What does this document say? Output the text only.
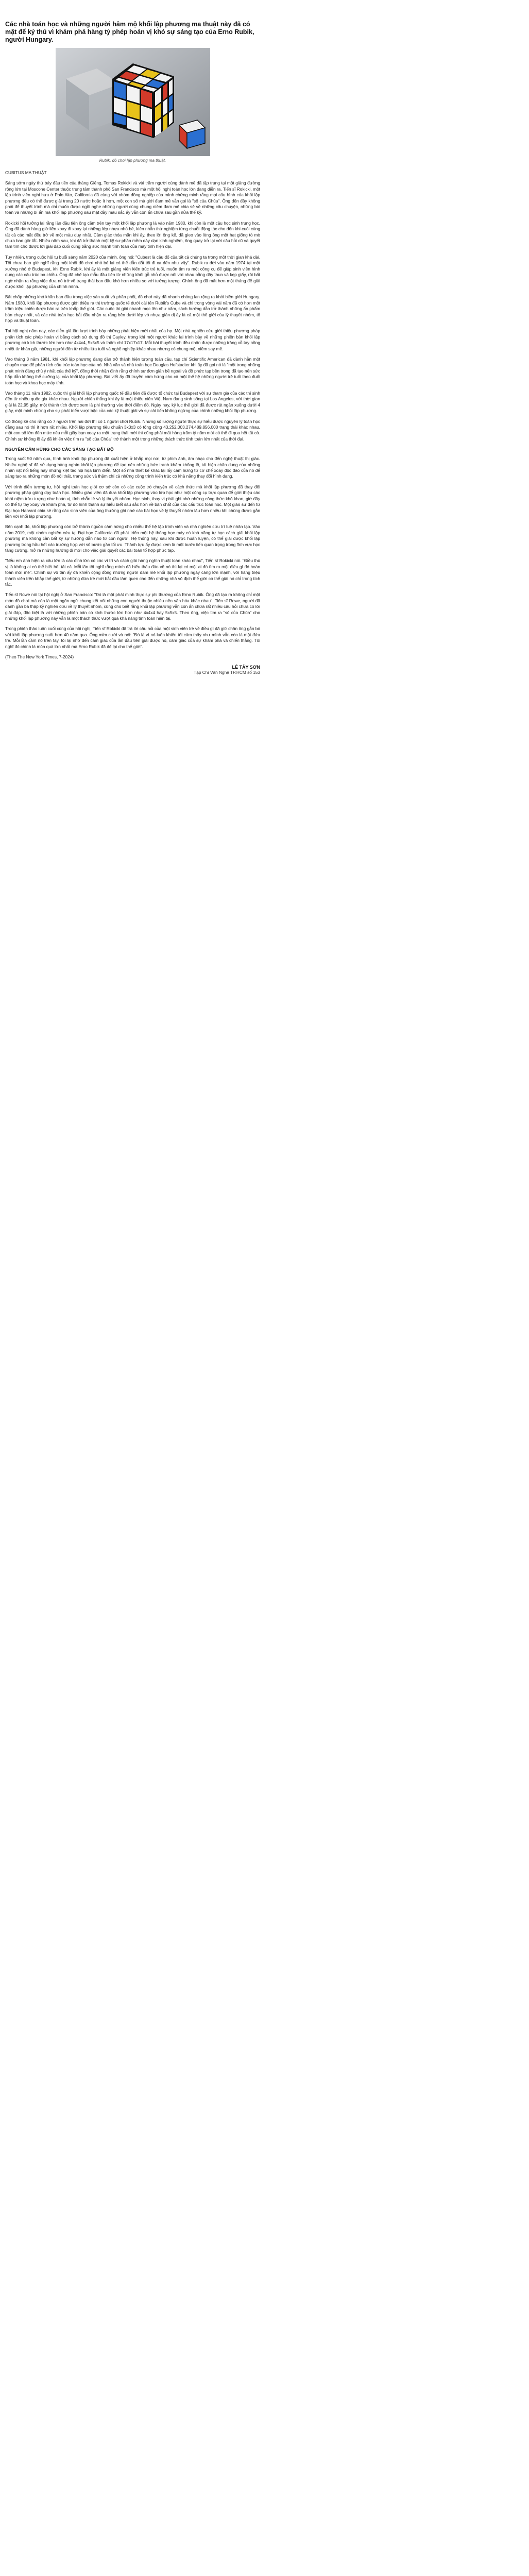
Các nhà toán học và những người hâm mộ khối lập phương ma thuật này đã có mặt để kỷ thú vì khám phá hàng tỷ phép hoán vị khó sự sáng tạo của Erno Rubik, người Hungary.
Rubik, đồ chơi lập phương ma thuật.

CUBITUS MA THUẬT

Sáng sớm ngày thứ bảy đầu tiên của tháng Giêng, Tomas Rokicki và vài trăm người cùng dành mê đã tập trung tại một giảng đường rộng lớn tại Moscone Center thuộc trung tâm thành phố San Francisco mà một hội nghị toán học lớn đang diễn ra. Tiến sĩ Rokicki, một lập trình viên nghỉ hưu ở Palo Alto, California đã cùng với nhóm đồng nghiệp của mình chứng minh rằng mọi cấu hình của khối lập phương đều có thể được giải trong 20 nước hoặc ít hơn, một con số mà giới đam mê vẫn gọi là "số của Chúa". Ông đến đây không phải để thuyết trình mà chỉ muốn được ngồi nghe những người cùng chung niềm đam mê chia sẻ về những câu chuyện, những bài toán và những bí ẩn mà khối lập phương sáu mặt đầy màu sắc ấy vẫn còn ẩn chứa sau gần nửa thế kỷ.

Rokicki hồi tưởng lại rằng lần đầu tiên ông cầm trên tay một khối lập phương là vào năm 1980, khi còn là một cậu học sinh trung học. Ông đã dành hàng giờ liền xoay đi xoay lại những lớp nhựa nhỏ bé, kiên nhẫn thử nghiệm từng chuỗi động tác cho đến khi cuối cùng tất cả các mặt đều trở về một màu duy nhất. Cảm giác thỏa mãn khi ấy, theo lời ông kể, đã gieo vào lòng ông một hạt giống tò mò chưa bao giờ tắt. Nhiều năm sau, khi đã trở thành một kỹ sư phần mềm dày dạn kinh nghiệm, ông quay trở lại với câu hỏi cũ và quyết tâm tìm cho được lời giải đáp cuối cùng bằng sức mạnh tính toán của máy tính hiện đại.

Tuy nhiên, trong cuộc hội tụ buổi sáng năm 2020 của mình, ông nói: "Cubest là câu đố của tất cả chúng ta trong một thời gian khá dài. Tôi chưa bao giờ nghĩ rằng một khối đồ chơi nhỏ bé lại có thể dẫn dắt tôi đi xa đến như vậy". Rubik ra đời vào năm 1974 tại một xưởng nhỏ ở Budapest, khi Erno Rubik, khi ấy là một giảng viên kiến trúc trẻ tuổi, muốn tìm ra một công cụ để giúp sinh viên hình dung các cấu trúc ba chiều. Ông đã chế tạo mẫu đầu tiên từ những khối gỗ nhỏ được nối với nhau bằng dây thun và kẹp giấy, rồi bất ngờ nhận ra rằng việc đưa nó trở về trạng thái ban đầu khó hơn nhiều so với tưởng tượng. Chính ông đã mất hơn một tháng để giải được khối lập phương của chính mình.

Bất chấp những khó khăn ban đầu trong việc sản xuất và phân phối, đồ chơi này đã nhanh chóng lan rộng ra khỏi biên giới Hungary. Năm 1980, khối lập phương được giới thiệu ra thị trường quốc tế dưới cái tên Rubik's Cube và chỉ trong vòng vài năm đã có hơn một trăm triệu chiếc được bán ra trên khắp thế giới. Các cuộc thi giải nhanh mọc lên như nấm, sách hướng dẫn trở thành những ấn phẩm bán chạy nhất, và các nhà toán học bắt đầu nhận ra rằng bên dưới lớp vỏ nhựa giản dị ấy là cả một thế giới của lý thuyết nhóm, tổ hợp và thuật toán.

Tại hội nghị năm nay, các diễn giả lần lượt trình bày những phát hiện mới nhất của họ. Một nhà nghiên cứu giới thiệu phương pháp phân tích các phép hoán vị bằng cách sử dụng đồ thị Cayley, trong khi một người khác lại trình bày về những phiên bản khối lập phương có kích thước lớn hơn như 4x4x4, 5x5x5 và thậm chí 17x17x17. Mỗi bài thuyết trình đều nhận được những tràng vỗ tay nồng nhiệt từ khán giả, những người đến từ nhiều lứa tuổi và nghề nghiệp khác nhau nhưng có chung một niềm say mê.

Vào tháng 3 năm 1981, khi khối lập phương đang dần trở thành hiện tượng toàn cầu, tạp chí Scientific American đã dành hẳn một chuyên mục để phân tích cấu trúc toán học của nó. Nhà văn và nhà toán học Douglas Hofstadter khi ấy đã gọi nó là "một trong những phát minh đáng chú ý nhất của thế kỷ", đồng thời nhận định rằng chính sự đơn giản bề ngoài và độ phức tạp bên trong đã tạo nên sức hấp dẫn không thể cưỡng lại của khối lập phương. Bài viết ấy đã truyền cảm hứng cho cả một thế hệ những người trẻ tuổi theo đuổi toán học và khoa học máy tính.

Vào tháng 11 năm 1982, cuộc thi giải khối lập phương quốc tế đầu tiên đã được tổ chức tại Budapest với sự tham gia của các thí sinh đến từ nhiều quốc gia khác nhau. Người chiến thắng khi ấy là một thiếu niên Việt Nam đang sinh sống tại Los Angeles, với thời gian giải là 22,95 giây, một thành tích được xem là phi thường vào thời điểm đó. Ngày nay, kỷ lục thế giới đã được rút ngắn xuống dưới 4 giây, một minh chứng cho sự phát triển vượt bậc của các kỹ thuật giải và sự cải tiến không ngừng của chính những khối lập phương.

Có thông kê cho rằng có 7 người trên hai đời thì có 1 người chơi Rubik. Nhưng số lượng người thực sự hiểu được nguyên lý toán học đằng sau nó thì ít hơn rất nhiều. Khối lập phương tiêu chuẩn 3x3x3 có tổng cộng 43.252.003.274.489.856.000 trạng thái khác nhau, một con số lớn đến mức nếu mỗi giây bạn xoay ra một trạng thái mới thì cũng phải mất hàng trăm tỷ năm mới có thể đi qua hết tất cả. Chính sự khổng lồ ấy đã khiến việc tìm ra "số của Chúa" trở thành một trong những thách thức tính toán lớn nhất của thời đại.

NGUYÊN CẢM HỨNG CHO CÁC SÁNG TẠO BẤT ĐỘ

Trong suốt 50 năm qua, hình ảnh khối lập phương đã xuất hiện ở khắp mọi nơi, từ phim ảnh, âm nhạc cho đến nghệ thuật thị giác. Nhiều nghệ sĩ đã sử dụng hàng nghìn khối lập phương để tạo nên những bức tranh khảm khổng lồ, tái hiện chân dung của những nhân vật nổi tiếng hay những kiệt tác hội họa kinh điển. Một số nhà thiết kế khác lại lấy cảm hứng từ cơ chế xoay độc đáo của nó để sáng tạo ra những món đồ nội thất, trang sức và thậm chí cả những công trình kiến trúc có khả năng thay đổi hình dạng.

Với trình diễn tương tự, hội nghị toán học giới cơ sở còn có các cuộc trò chuyện về cách thức mà khối lập phương đã thay đổi phương pháp giảng dạy toán học. Nhiều giáo viên đã đưa khối lập phương vào lớp học như một công cụ trực quan để giới thiệu các khái niệm trừu tượng như hoán vị, tính chẵn lẻ và lý thuyết nhóm. Học sinh, thay vì phải ghi nhớ những công thức khô khan, giờ đây có thể tự tay xoay và khám phá, từ đó hình thành sự hiểu biết sâu sắc hơn về bản chất của các cấu trúc toán học. Một giáo sư đến từ Đại học Harvard chia sẻ rằng các sinh viên của ông thường ghi nhớ các bài học về lý thuyết nhóm lâu hơn nhiều khi chúng được gắn liền với khối lập phương.

Bên cạnh đó, khối lập phương còn trở thành nguồn cảm hứng cho nhiều thế hệ lập trình viên và nhà nghiên cứu trí tuệ nhân tạo. Vào năm 2019, một nhóm nghiên cứu tại Đại học California đã phát triển một hệ thống học máy có khả năng tự học cách giải khối lập phương mà không cần bất kỳ sự hướng dẫn nào từ con người. Hệ thống này, sau khi được huấn luyện, có thể giải được khối lập phương trong hầu hết các trường hợp với số bước gần tối ưu. Thành tựu ấy được xem là một bước tiến quan trọng trong lĩnh vực học tăng cường, mở ra những hướng đi mới cho việc giải quyết các bài toán tổ hợp phức tạp.

"Nếu em ảnh hiện ra câu lớn là các đỉnh lớn có các vì trí và cách giải hàng nghìn thuật toán khác nhau", Tiến sĩ Rokicki nói. "Điều thú vị là không ai có thể biết hết tất cả. Mỗi lần tôi nghĩ rằng mình đã hiểu thấu đáo về nó thì lại có một ai đó tìm ra một điều gì đó hoàn toàn mới mẻ". Chính sự vô tận ấy đã khiến cộng đồng những người đam mê khối lập phương ngày càng lớn mạnh, với hàng triệu thành viên trên khắp thế giới, từ những đứa trẻ mới bắt đầu làm quen cho đến những nhà vô địch thế giới có thể giải nó chỉ trong tích tắc.

Tiến sĩ Rowe nói tại hội nghị ở San Francisco: "Đó là một phát minh thực sự phi thường của Erno Rubik. Ông đã tạo ra không chỉ một món đồ chơi mà còn là một ngôn ngữ chung kết nối những con người thuộc nhiều nền văn hóa khác nhau". Tiến sĩ Rowe, người đã dành gần ba thập kỷ nghiên cứu về lý thuyết nhóm, cũng cho biết rằng khối lập phương vẫn còn ẩn chứa rất nhiều câu hỏi chưa có lời giải đáp, đặc biệt là với những phiên bản có kích thước lớn hơn như 4x4x4 hay 5x5x5. Theo ông, việc tìm ra "số của Chúa" cho những khối lập phương này vẫn là một thách thức vượt quá khả năng tính toán hiện tại.

Trong phiên thảo luận cuối cùng của hội nghị, Tiến sĩ Rokicki đã trả lời câu hỏi của một sinh viên trẻ về điều gì đã giữ chân ông gắn bó với khối lập phương suốt hơn 40 năm qua. Ông mỉm cười và nói: "Đó là vì nó luôn khiến tôi cảm thấy như mình vẫn còn là một đứa trẻ. Mỗi lần cầm nó trên tay, tôi lại nhớ đến cảm giác của lần đầu tiên giải được nó, cảm giác của sự khám phá và chiến thắng. Tôi nghĩ đó chính là món quà lớn nhất mà Erno Rubik đã để lại cho thế giới".

(Theo The New York Times, 7-2024)

LÊ TÂY SƠN
Tạp Chí Văn Nghệ TP.HCM số 153
